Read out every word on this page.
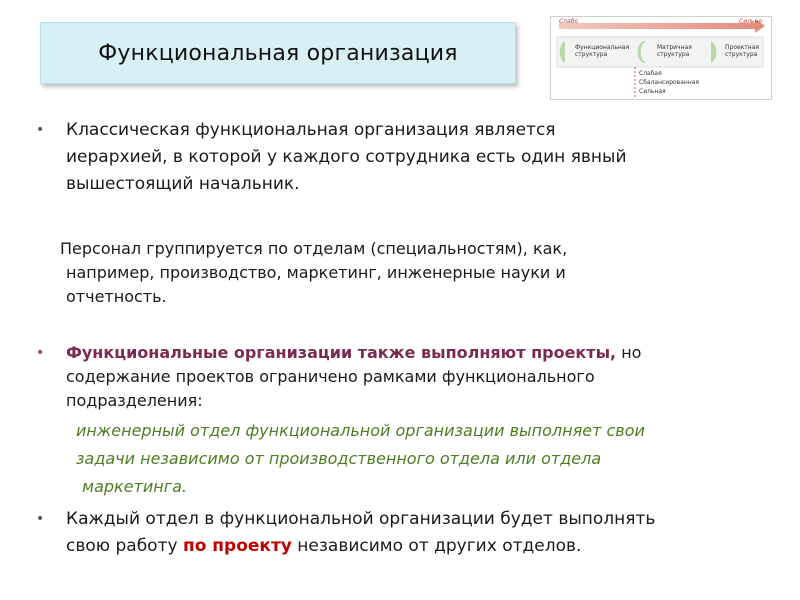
Функциональная организация
Слабо	Сильно
Функциональная
структура
Матричная
структура
Проектная
структура
Слабая
Сбалансированная
Сильная
• Классическая функциональная организация является

иерархией, в которой у каждого сотрудника есть один явный

вышестоящий начальник.

Персонал группируется по отделам (специальностям), как,

например, производство, маркетинг, инженерные науки и

отчетность.

• Функциональные организации также выполняют проекты, но

содержание проектов ограничено рамками функционального

подразделения:

инженерный отдел функциональной организации выполняет свои

задачи независимо от производственного отдела или отдела

маркетинга.

• Каждый отдел в функциональной организации будет выполнять

свою работу по проекту независимо от других отделов.
